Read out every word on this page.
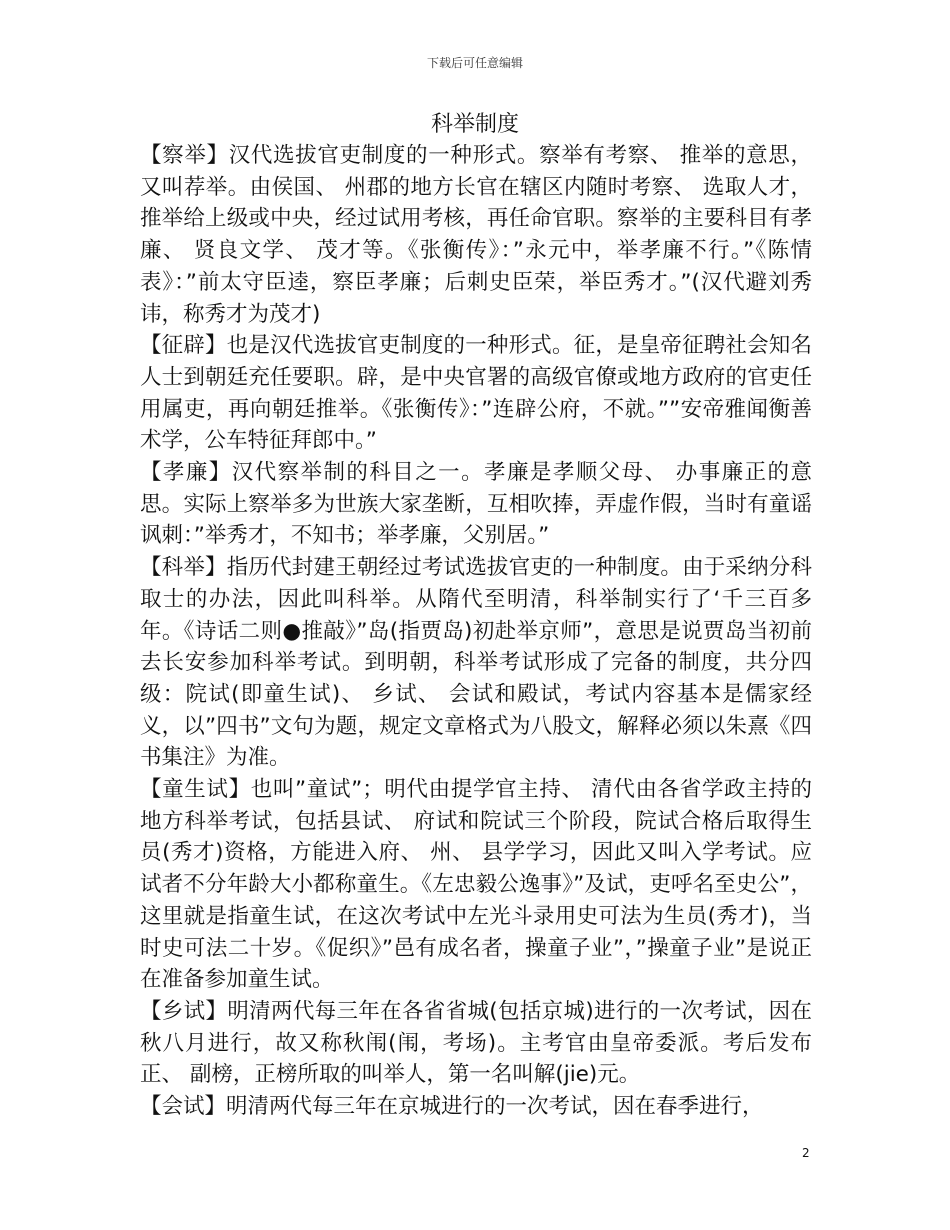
下载后可任意编辑
科举制度

【察举】汉代选拔官吏制度的一种形式。察举有考察、 推举的意思，又叫荐举。由侯国、 州郡的地方长官在辖区内随时考察、 选取人才，推举给上级或中央，经过试用考核，再任命官职。察举的主要科目有孝廉、 贤良文学、 茂才等。《张衡传》：”永元中，举孝廉不行。”《陈情表》：”前太守臣逵，察臣孝廉；后刺史臣荣，举臣秀才。”(汉代避刘秀讳，称秀才为茂才)

【征辟】也是汉代选拔官吏制度的一种形式。征，是皇帝征聘社会知名人士到朝廷充任要职。辟，是中央官署的高级官僚或地方政府的官吏任用属吏，再向朝廷推举。《张衡传》：”连辟公府，不就。””安帝雅闻衡善术学，公车特征拜郎中。”

【孝廉】汉代察举制的科目之一。孝廉是孝顺父母、 办事廉正的意思。实际上察举多为世族大家垄断，互相吹捧，弄虚作假，当时有童谣讽刺：”举秀才，不知书；举孝廉，父别居。”

【科举】指历代封建王朝经过考试选拔官吏的一种制度。由于采纳分科取士的办法，因此叫科举。从隋代至明清，科举制实行了‘千三百多年。《诗话二则●推敲》”岛(指贾岛)初赴举京师”，意思是说贾岛当初前去长安参加科举考试。到明朝，科举考试形成了完备的制度，共分四级：院试(即童生试)、 乡试、 会试和殿试，考试内容基本是儒家经义，以”四书”文句为题，规定文章格式为八股文，解释必须以朱熹《四书集注》为准。

【童生试】也叫”童试”；明代由提学官主持、 清代由各省学政主持的地方科举考试，包括县试、 府试和院试三个阶段，院试合格后取得生员(秀才)资格，方能进入府、 州、 县学学习，因此又叫入学考试。应试者不分年龄大小都称童生。《左忠毅公逸事》”及试，吏呼名至史公”，这里就是指童生试，在这次考试中左光斗录用史可法为生员(秀才)，当时史可法二十岁。《促织》”邑有成名者，操童子业”，”操童子业”是说正在准备参加童生试。

【乡试】明清两代每三年在各省省城(包括京城)进行的一次考试，因在秋八月进行，故又称秋闱(闱，考场)。主考官由皇帝委派。考后发布正、 副榜，正榜所取的叫举人，第一名叫解(jie)元。

【会试】明清两代每三年在京城进行的一次考试，因在春季进行，

2
